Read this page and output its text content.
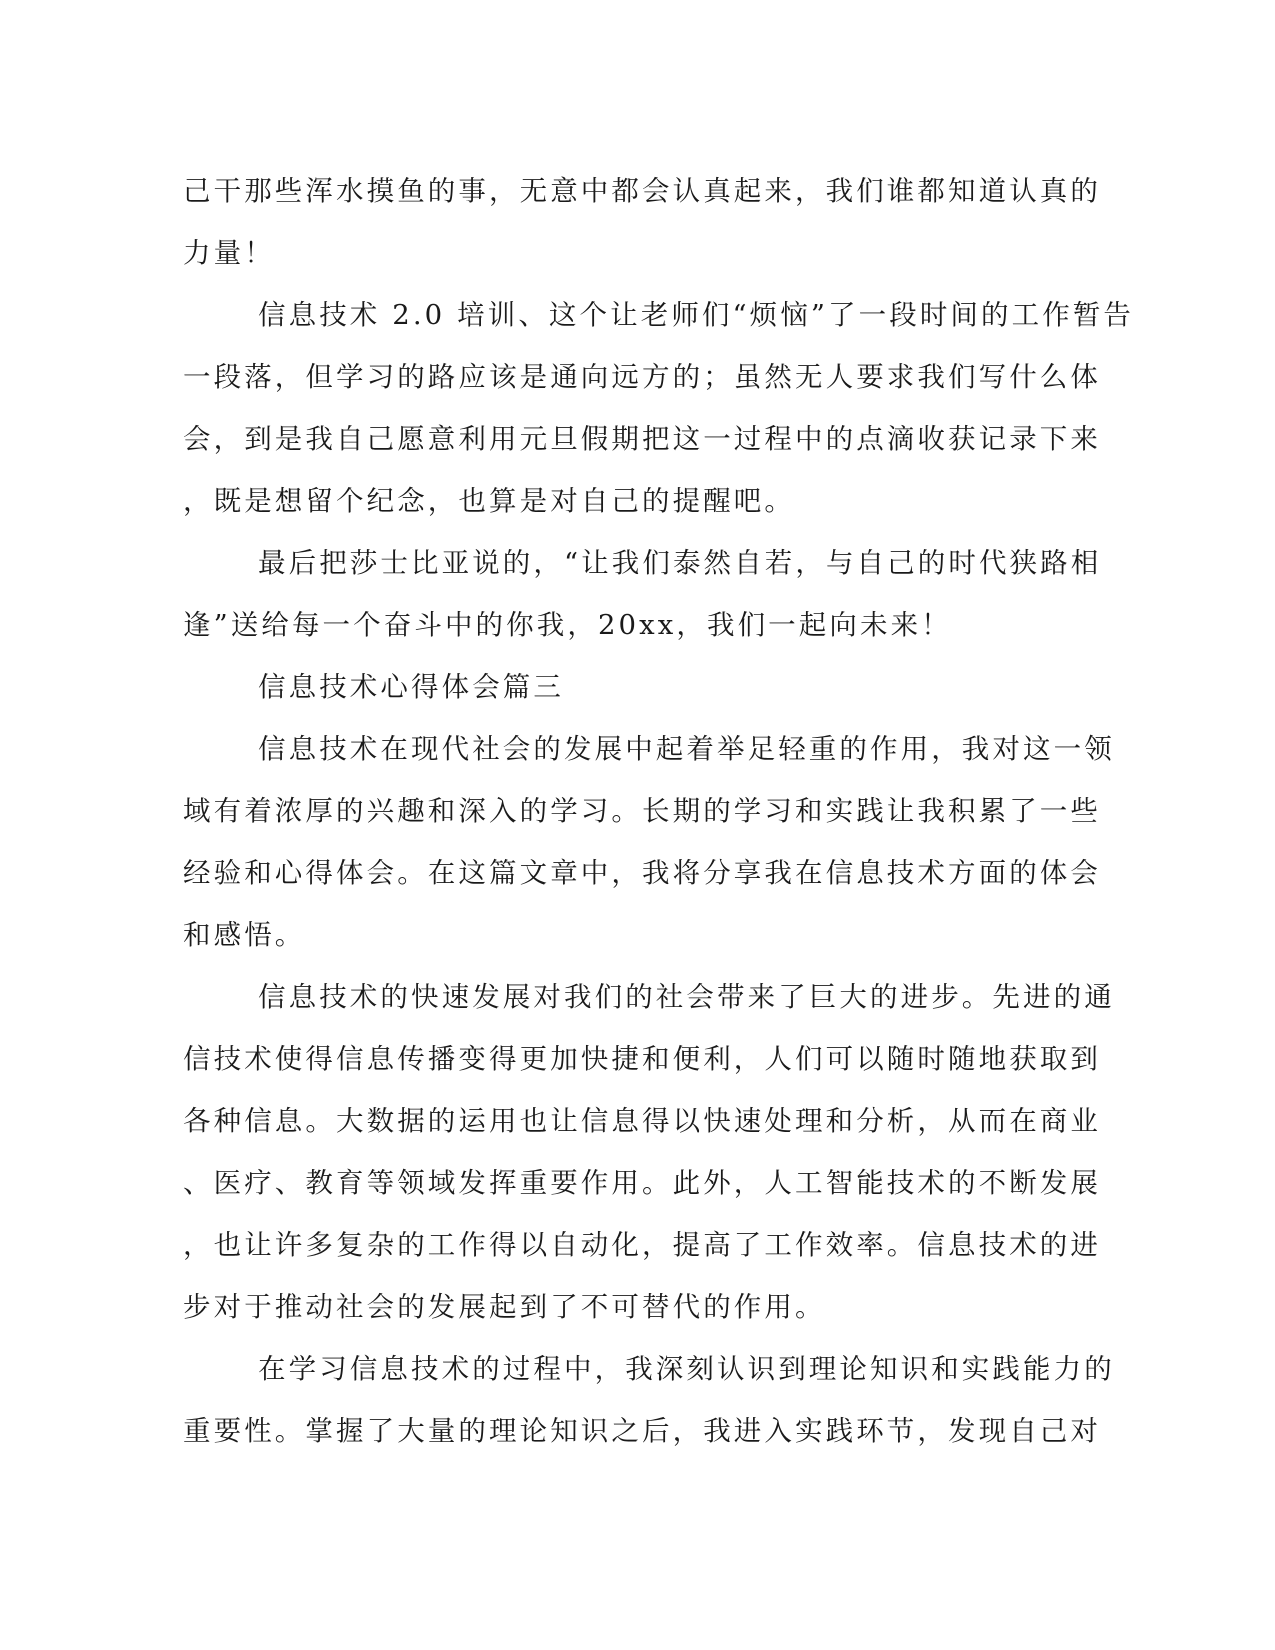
己干那些浑水摸鱼的事，无意中都会认真起来，我们谁都知道认真的
力量！
信息技术 2.0 培训、这个让老师们“烦恼”了一段时间的工作暂告
一段落，但学习的路应该是通向远方的；虽然无人要求我们写什么体
会，到是我自己愿意利用元旦假期把这一过程中的点滴收获记录下来
，既是想留个纪念，也算是对自己的提醒吧。
最后把莎士比亚说的，“让我们泰然自若，与自己的时代狭路相
逢”送给每一个奋斗中的你我，20xx，我们一起向未来！
信息技术心得体会篇三
信息技术在现代社会的发展中起着举足轻重的作用，我对这一领
域有着浓厚的兴趣和深入的学习。长期的学习和实践让我积累了一些
经验和心得体会。在这篇文章中，我将分享我在信息技术方面的体会
和感悟。
信息技术的快速发展对我们的社会带来了巨大的进步。先进的通
信技术使得信息传播变得更加快捷和便利，人们可以随时随地获取到
各种信息。大数据的运用也让信息得以快速处理和分析，从而在商业
、医疗、教育等领域发挥重要作用。此外，人工智能技术的不断发展
，也让许多复杂的工作得以自动化，提高了工作效率。信息技术的进
步对于推动社会的发展起到了不可替代的作用。
在学习信息技术的过程中，我深刻认识到理论知识和实践能力的
重要性。掌握了大量的理论知识之后，我进入实践环节，发现自己对
